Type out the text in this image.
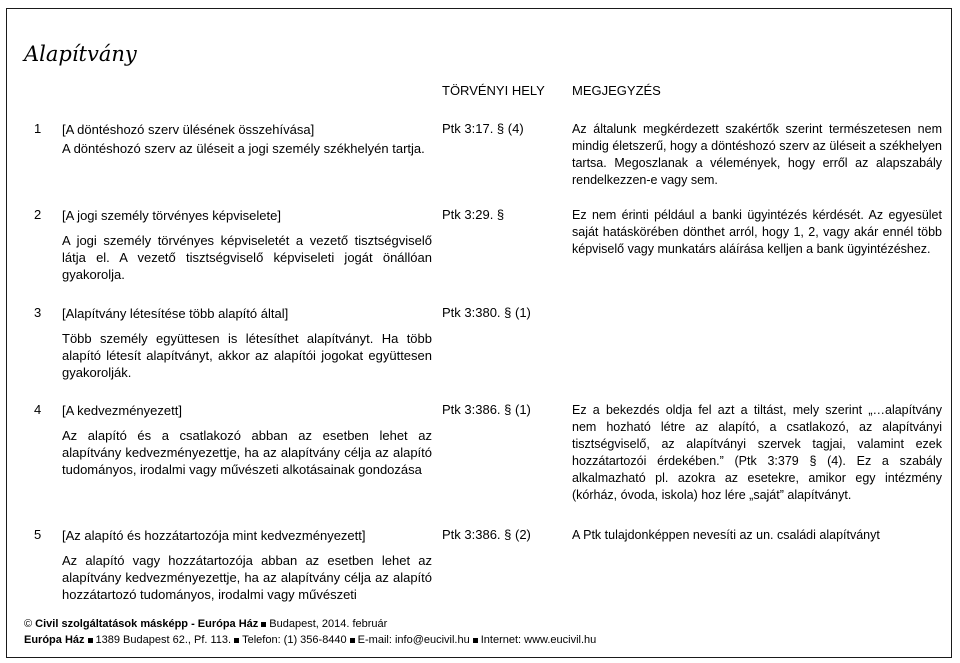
Alapítvány
TÖRVÉNYI HELY MEGJEGYZÉS
1 [A döntéshozó szerv ülésének összehívása]
A döntéshozó szerv az üléseit a jogi személy székhelyén tartja.
Ptk 3:17. § (4)	Az általunk megkérdezett szakértők szerint természetesen nem mindig életszerű, hogy a döntéshozó szerv az üléseit a székhelyen tartsa. Megoszlanak a vélemények, hogy erről az alapszabály rendelkezzen-e vagy sem.
2 [A jogi személy törvényes képviselete]
A jogi személy törvényes képviseletét a vezető tisztségviselő látja el. A vezető tisztségviselő képviseleti jogát önállóan gyakorolja.
Ptk 3:29. §	Ez nem érinti például a banki ügyintézés kérdését. Az egyesület saját hatáskörében dönthet arról, hogy 1, 2, vagy akár ennél több képviselő vagy munkatárs aláírása kelljen a bank ügyintézéshez.
3 [Alapítvány létesítése több alapító által]
Több személy együttesen is létesíthet alapítványt. Ha több alapító létesít alapítványt, akkor az alapítói jogokat együttesen gyakorolják.
Ptk 3:380. § (1)
4 [A kedvezményezett]
Az alapító és a csatlakozó abban az esetben lehet az alapítvány kedvezményezettje, ha az alapítvány célja az alapító tudományos, irodalmi vagy művészeti alkotásainak gondozása
Ptk 3:386. § (1)	Ez a bekezdés oldja fel azt a tiltást, mely szerint „…alapítvány nem hozható létre az alapító, a csatlakozó, az alapítványi tisztségviselő, az alapítványi szervek tagjai, valamint ezek hozzátartozói érdekében.” (Ptk 3:379 § (4). Ez a szabály alkalmazható pl. azokra az esetekre, amikor egy intézmény (kórház, óvoda, iskola) hoz lére „saját” alapítványt.
5 [Az alapító és hozzátartozója mint kedvezményezett]
Az alapító vagy hozzátartozója abban az esetben lehet az alapítvány kedvezményezettje, ha az alapítvány célja az alapító hozzátartozó tudományos, irodalmi vagy művészeti
Ptk 3:386. § (2)	A Ptk tulajdonképpen nevesíti az un. családi alapítványt
© Civil szolgáltatások másképp - Európa Ház Budapest, 2014. február
Európa Ház 1389 Budapest 62., Pf. 113. Telefon: (1) 356-8440 E-mail: info@eucivil.hu Internet: www.eucivil.hu
